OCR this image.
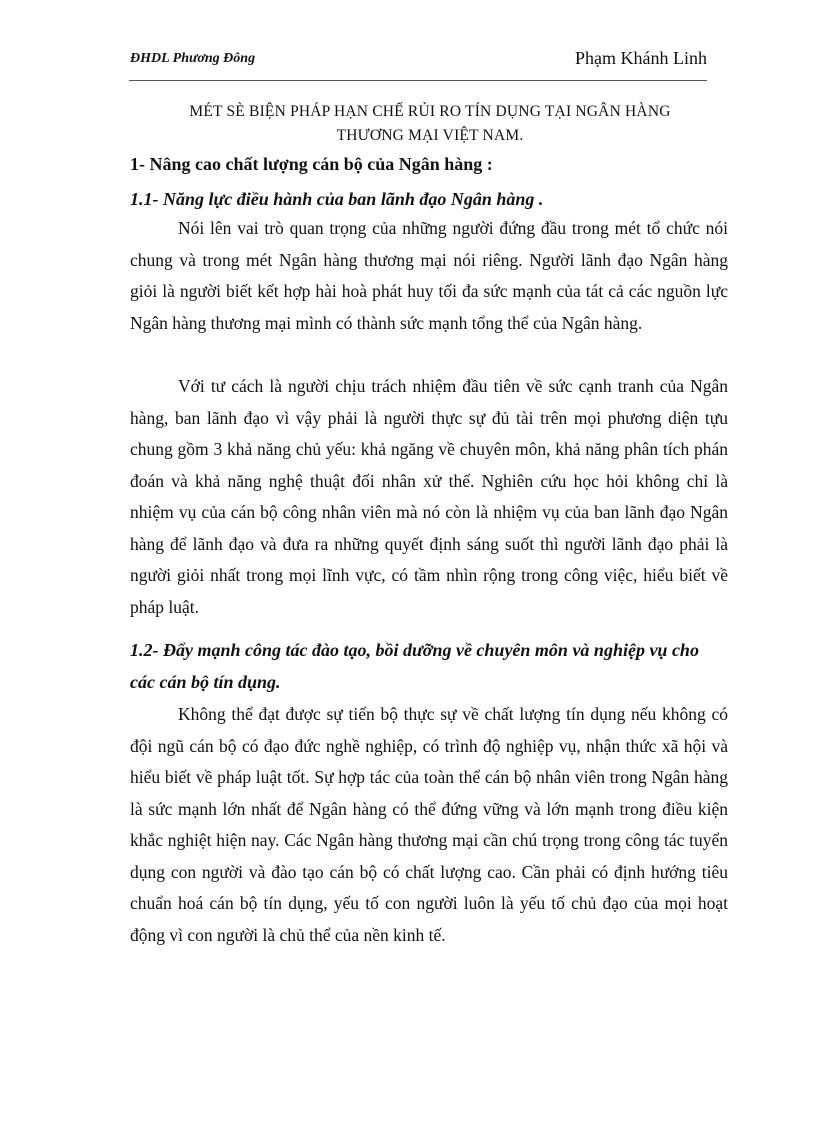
ĐHDL Phương Đông	Phạm Khánh Linh
MÉT SÈ BIỆN PHÁP HẠN CHẾ RỦI RO TÍN DỤNG TẠI NGÂN HÀNG
THƯƠNG MẠI VIỆT NAM.
1- Nâng cao chất lượng cán bộ của Ngân hàng :
1.1- Năng lực điều hành của ban lãnh đạo Ngân hàng .

Nói lên vai trò quan trọng của những người đứng đầu trong mét tổ chức nói chung và trong mét Ngân hàng thương mại nói riêng. Người lãnh đạo Ngân hàng giỏi là người biết kết hợp hài hoà phát huy tối đa sức mạnh của tát cả các nguồn lực Ngân hàng thương mại mình có thành sức mạnh tổng thể của Ngân hàng.

Với tư cách là người chịu trách nhiệm đầu tiên về sức cạnh tranh của Ngân hàng, ban lãnh đạo vì vậy phải là người thực sự đủ tài trên mọi phương diện tựu chung gồm 3 khả năng chủ yếu: khả ngăng về chuyên môn, khả năng phân tích phán đoán và khả năng nghệ thuật đối nhân xử thế. Nghiên cứu học hỏi không chỉ là nhiệm vụ của cán bộ công nhân viên mà nó còn là nhiệm vụ của ban lãnh đạo Ngân hàng để lãnh đạo và đưa ra những quyết định sáng suốt thì người lãnh đạo phải là người giỏi nhất trong mọi lĩnh vực, có tầm nhìn rộng trong công việc, hiểu biết về pháp luật.

1.2- Đẩy mạnh công tác đào tạo, bồi dưỡng về chuyên môn và nghiệp vụ cho các cán bộ tín dụng.

Không thể đạt được sự tiến bộ thực sự về chất lượng tín dụng nếu không có đội ngũ cán bộ có đạo đức nghề nghiệp, có trình độ nghiệp vụ, nhận thức xã hội và hiểu biết về pháp luật tốt. Sự hợp tác của toàn thể cán bộ nhân viên trong Ngân hàng là sức mạnh lớn nhất để Ngân hàng có thể đứng vững và lớn mạnh trong điều kiện khắc nghiệt hiện nay. Các Ngân hàng thương mại cần chú trọng trong công tác tuyển dụng con người và đào tạo cán bộ có chất lượng cao. Cần phải có định hướng tiêu chuẩn hoá cán bộ tín dụng, yếu tố con người luôn là yếu tố chủ đạo của mọi hoạt động vì con người là chủ thể của nền kinh tế.
